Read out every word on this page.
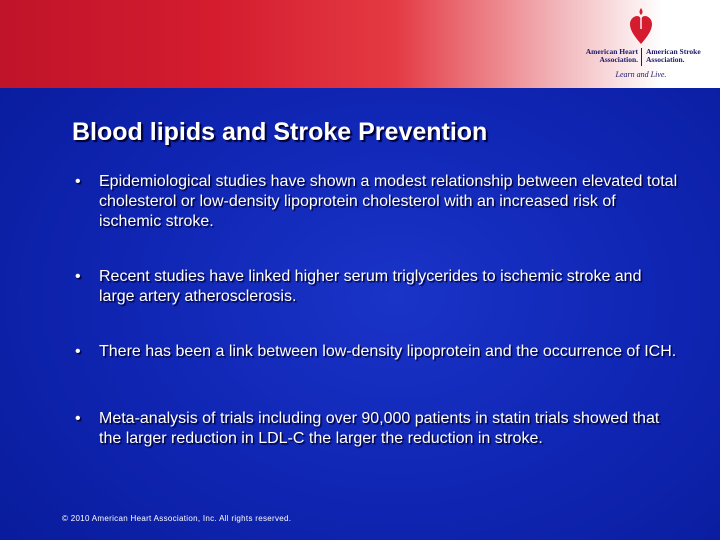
American Heart Association.
American Stroke Association.
Learn and Live.
Blood lipids and Stroke Prevention

• Epidemiological studies have shown a modest relationship between elevated total cholesterol or low-density lipoprotein cholesterol with an increased risk of ischemic stroke.

• Recent studies have linked higher serum triglycerides to ischemic stroke and large artery atherosclerosis.

• There has been a link between low-density lipoprotein and the occurrence of ICH.

• Meta-analysis of trials including over 90,000 patients in statin trials showed that the larger reduction in LDL-C the larger the reduction in stroke.

© 2010 American Heart Association, Inc. All rights reserved.
